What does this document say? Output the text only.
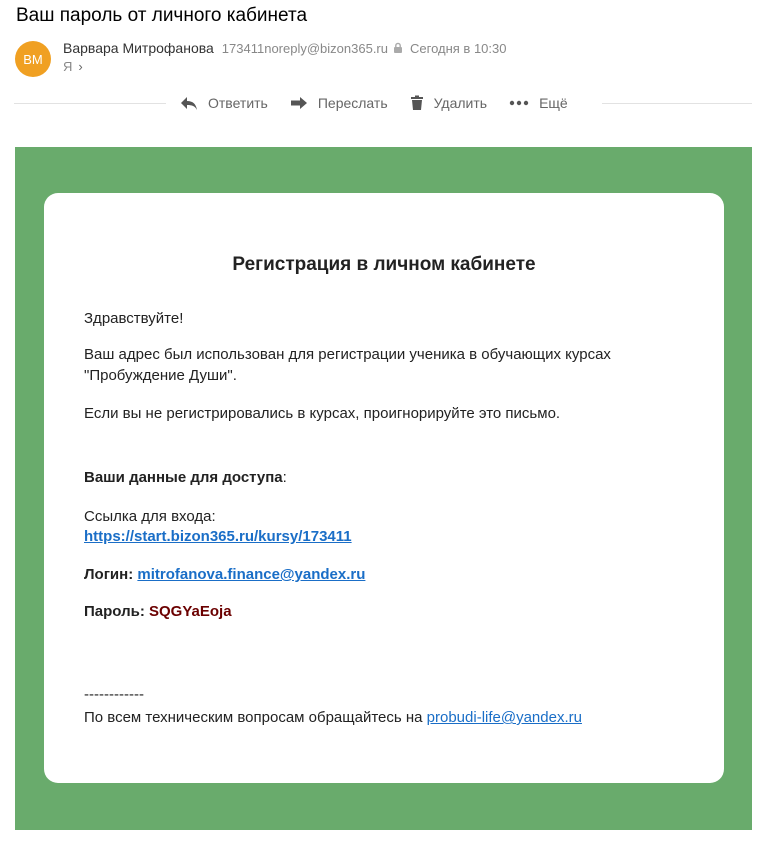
Ваш пароль от личного кабинета
ВМ
Варвара Митрофанова 173411noreply@bizon365.ru Сегодня в 10:30
Я ›
Ответить	Переслать	Удалить	Ещё
Регистрация в личном кабинете
Здравствуйте!
Ваш адрес был использован для регистрации ученика в обучающих курсах
"Пробуждение Души".
Если вы не регистрировались в курсах, проигнорируйте это письмо.
Ваши данные для доступа:
Ссылка для входа:
https://start.bizon365.ru/kursy/173411
Логин: mitrofanova.finance@yandex.ru
Пароль: SQGYaEoja
------------
По всем техническим вопросам обращайтесь на probudi-life@yandex.ru
